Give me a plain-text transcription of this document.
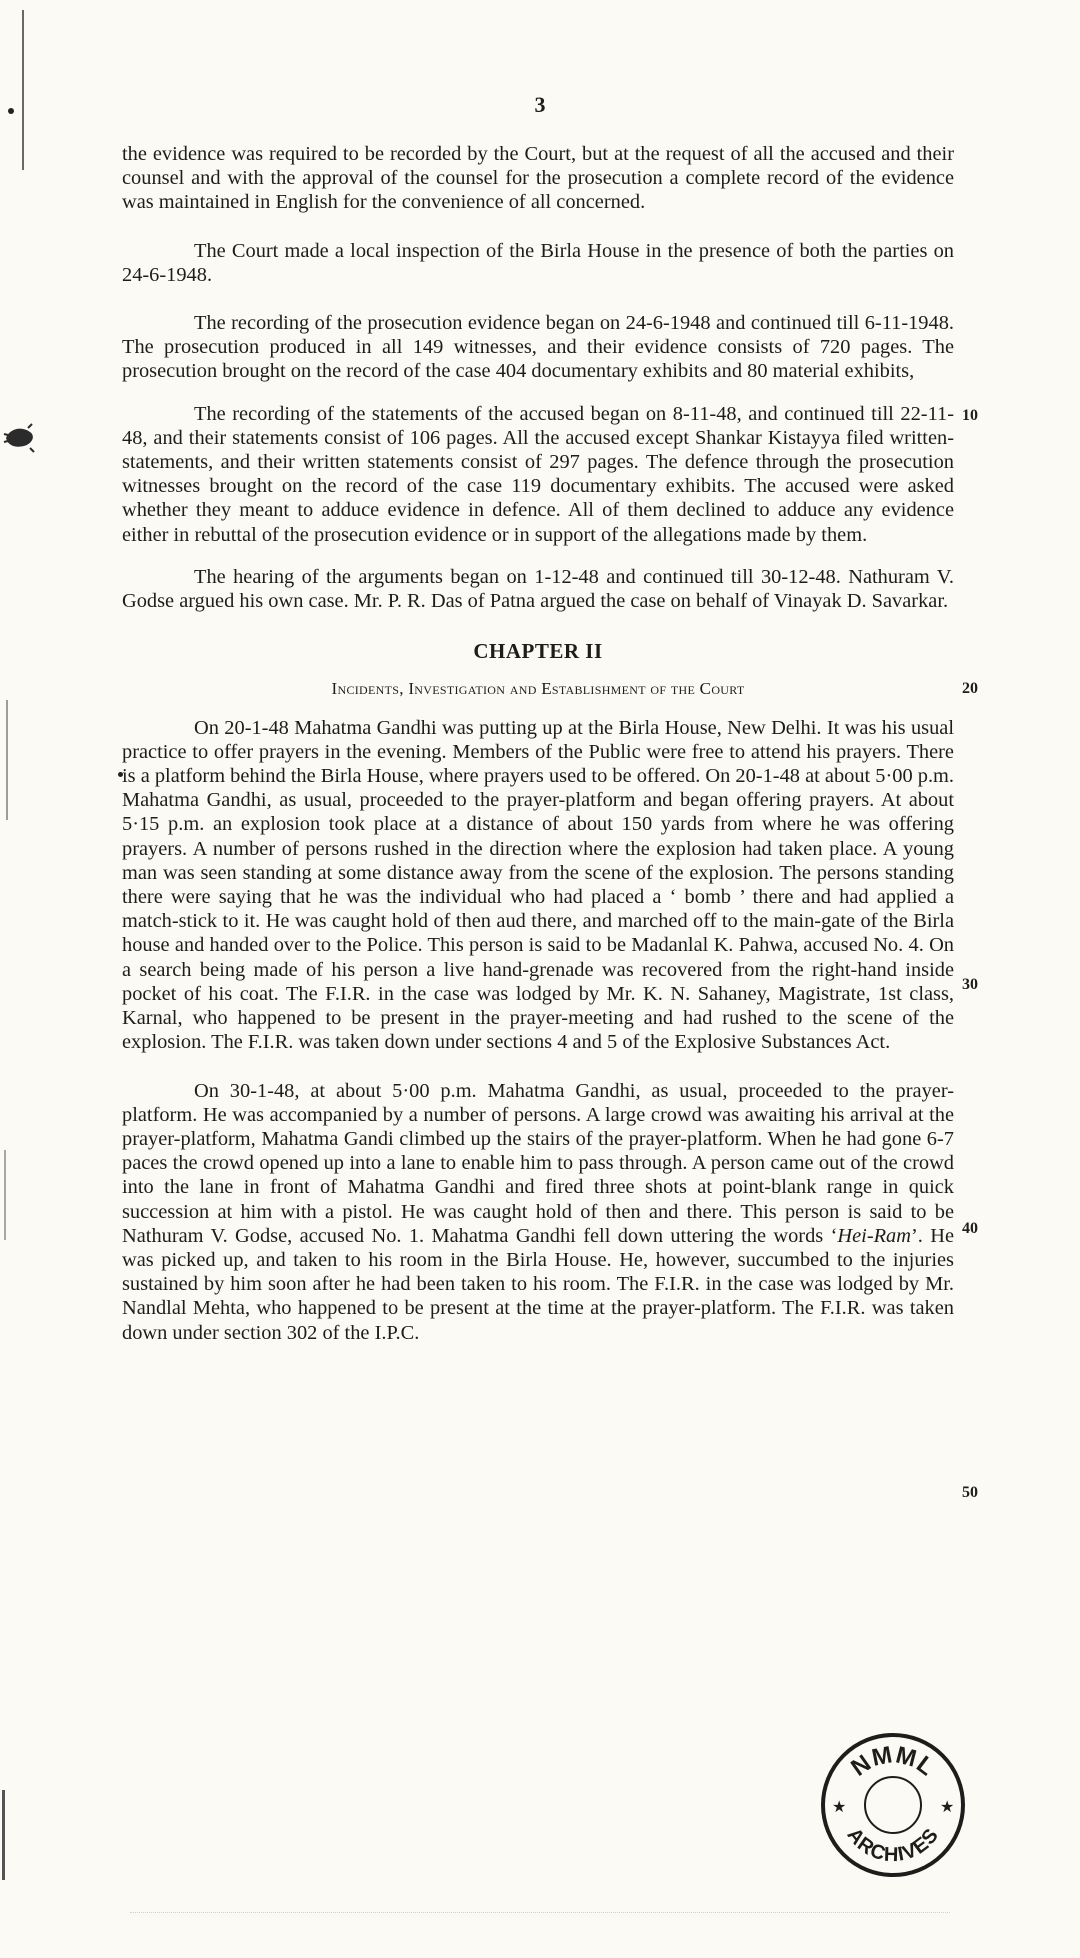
3

the evidence was required to be recorded by the Court, but at the request of all the accused and their counsel and with the approval of the counsel for the prosecution a complete record of the evidence was maintained in English for the convenience of all concerned.

The Court made a local inspection of the Birla House in the presence of both the parties on 24-6-1948.

The recording of the prosecution evidence began on 24-6-1948 and continued till 6-11-1948. The prosecution produced in all 149 witnesses, and their evidence consists of 720 pages. The prosecution brought on the record of the case 404 documentary exhibits and 80 material exhibits,

The recording of the statements of the accused began on 8-11-48, and continued till 22-11-48, and their statements consist of 106 pages. All the accused except Shankar Kistayya filed written-statements, and their written statements consist of 297 pages. The defence through the prosecution witnesses brought on the record of the case 119 documentary exhibits. The accused were asked whether they meant to adduce evidence in defence. All of them declined to adduce any evidence either in rebuttal of the prosecution evidence or in support of the allegations made by them.

The hearing of the arguments began on 1-12-48 and continued till 30-12-48. Nathuram V. Godse argued his own case. Mr. P. R. Das of Patna argued the case on behalf of Vinayak D. Savarkar.

CHAPTER II
Incidents, Investigation and Establishment of the Court

On 20-1-48 Mahatma Gandhi was putting up at the Birla House, New Delhi. It was his usual practice to offer prayers in the evening. Members of the Public were free to attend his prayers. There is a platform behind the Birla House, where prayers used to be offered. On 20-1-48 at about 5·00 p.m. Mahatma Gandhi, as usual, proceeded to the prayer-platform and began offering prayers. At about 5·15 p.m. an explosion took place at a distance of about 150 yards from where he was offering prayers. A number of persons rushed in the direction where the explosion had taken place. A young man was seen standing at some distance away from the scene of the explosion. The persons standing there were saying that he was the individual who had placed a ‘ bomb ’ there and had applied a match-stick to it. He was caught hold of then aud there, and marched off to the main-gate of the Birla house and handed over to the Police. This person is said to be Madanlal K. Pahwa, accused No. 4. On a search being made of his person a live hand-grenade was recovered from the right-hand inside pocket of his coat. The F.I.R. in the case was lodged by Mr. K. N. Sahaney, Magistrate, 1st class, Karnal, who happened to be present in the prayer-meeting and had rushed to the scene of the explosion. The F.I.R. was taken down under sections 4 and 5 of the Explosive Substances Act.

On 30-1-48, at about 5·00 p.m. Mahatma Gandhi, as usual, proceeded to the prayer-platform. He was accompanied by a number of persons. A large crowd was awaiting his arrival at the prayer-platform, Mahatma Gandi climbed up the stairs of the prayer-platform. When he had gone 6-7 paces the crowd opened up into a lane to enable him to pass through. A person came out of the crowd into the lane in front of Mahatma Gandhi and fired three shots at point-blank range in quick succession at him with a pistol. He was caught hold of then and there. This person is said to be Nathuram V. Godse, accused No. 1. Mahatma Gandhi fell down uttering the words ‘Hei-Ram’. He was picked up, and taken to his room in the Birla House. He, however, succumbed to the injuries sustained by him soon after he had been taken to his room. The F.I.R. in the case was lodged by Mr. Nandlal Mehta, who happened to be present at the time at the prayer-platform. The F.I.R. was taken down under section 302 of the I.P.C.

10
20
30
40
50
NMML
ARCHIVES
★	★
